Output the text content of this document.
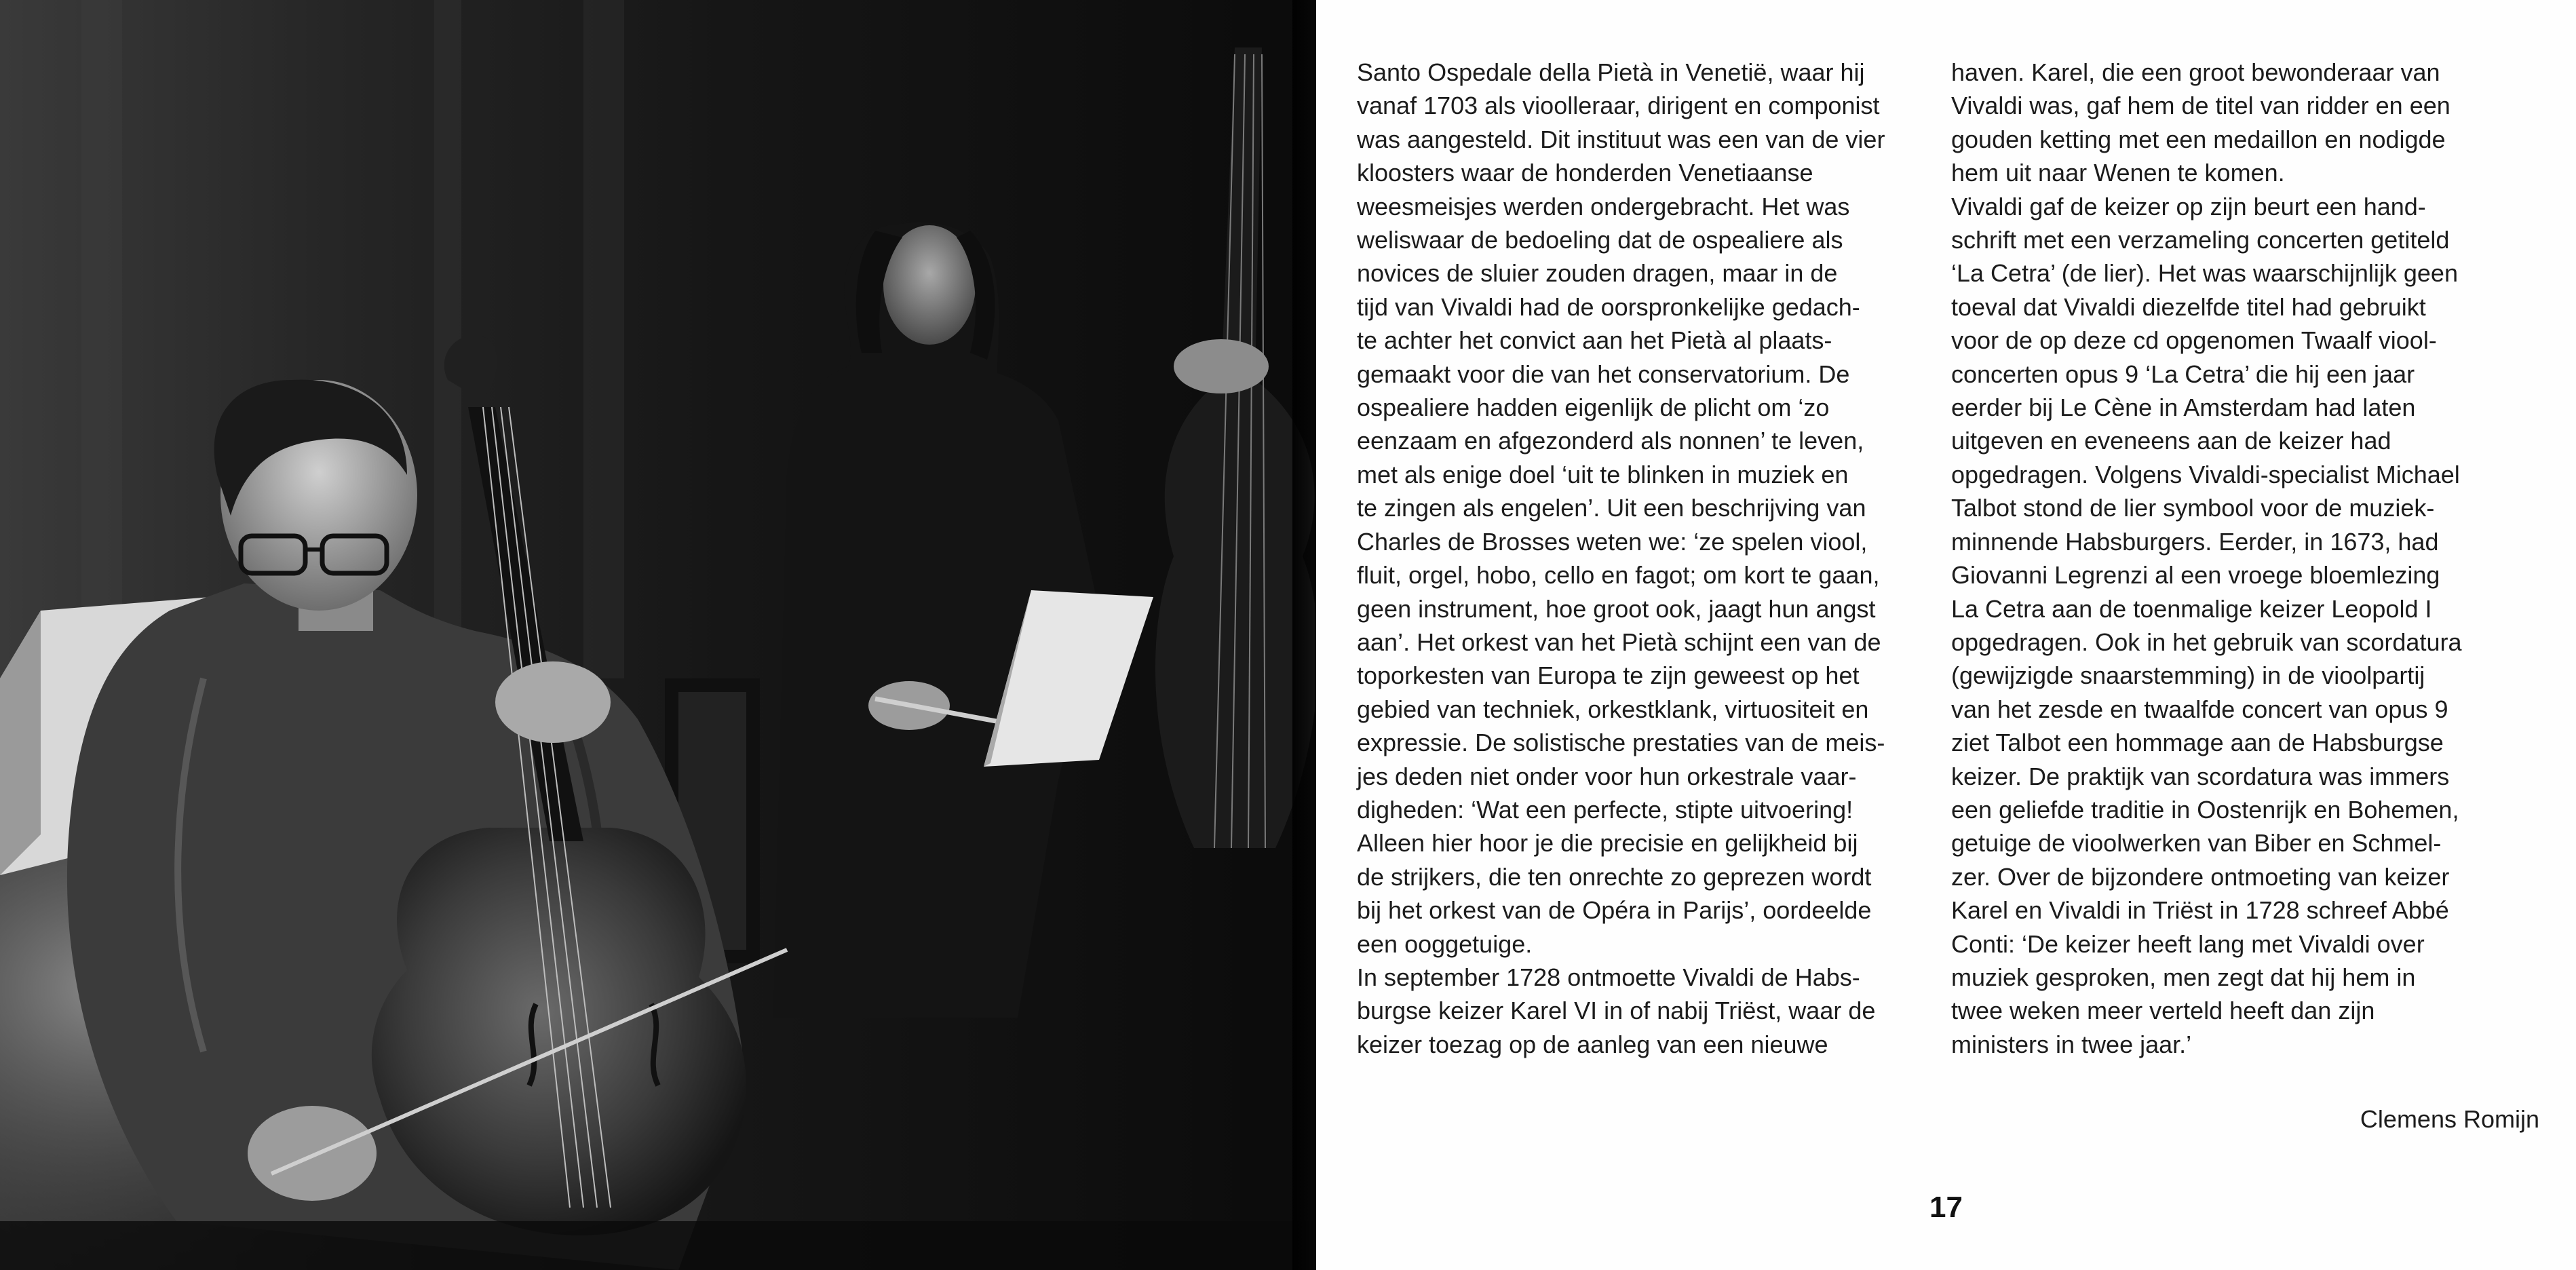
Santo Ospedale della Pietà in Venetië, waar hij
vanaf 1703 als vioolleraar, dirigent en componist
was aangesteld. Dit instituut was een van de vier
kloosters waar de honderden Venetiaanse
weesmeisjes werden ondergebracht. Het was
weliswaar de bedoeling dat de ospealiere als
novices de sluier zouden dragen, maar in de
tijd van Vivaldi had de oorspronkelijke gedach-
te achter het convict aan het Pietà al plaats-
gemaakt voor die van het conservatorium. De
ospealiere hadden eigenlijk de plicht om ‘zo
eenzaam en afgezonderd als nonnen’ te leven,
met als enige doel ‘uit te blinken in muziek en
te zingen als engelen’. Uit een beschrijving van
Charles de Brosses weten we: ‘ze spelen viool,
fluit, orgel, hobo, cello en fagot; om kort te gaan,
geen instrument, hoe groot ook, jaagt hun angst
aan’. Het orkest van het Pietà schijnt een van de
toporkesten van Europa te zijn geweest op het
gebied van techniek, orkestklank, virtuositeit en
expressie. De solistische prestaties van de meis-
jes deden niet onder voor hun orkestrale vaar-
digheden: ‘Wat een perfecte, stipte uitvoering!
Alleen hier hoor je die precisie en gelijkheid bij
de strijkers, die ten onrechte zo geprezen wordt
bij het orkest van de Opéra in Parijs’, oordeelde
een ooggetuige.

In september 1728 ontmoette Vivaldi de Habs-
burgse keizer Karel VI in of nabij Triëst, waar de
keizer toezag op de aanleg van een nieuwe

haven. Karel, die een groot bewonderaar van
Vivaldi was, gaf hem de titel van ridder en een
gouden ketting met een medaillon en nodigde
hem uit naar Wenen te komen.

Vivaldi gaf de keizer op zijn beurt een hand-
schrift met een verzameling concerten getiteld
‘La Cetra’ (de lier). Het was waarschijnlijk geen
toeval dat Vivaldi diezelfde titel had gebruikt
voor de op deze cd opgenomen Twaalf viool-
concerten opus 9 ‘La Cetra’ die hij een jaar
eerder bij Le Cène in Amsterdam had laten
uitgeven en eveneens aan de keizer had
opgedragen. Volgens Vivaldi-specialist Michael
Talbot stond de lier symbool voor de muziek-
minnende Habsburgers. Eerder, in 1673, had
Giovanni Legrenzi al een vroege bloemlezing
La Cetra aan de toenmalige keizer Leopold I
opgedragen. Ook in het gebruik van scordatura
(gewijzigde snaarstemming) in de vioolpartij
van het zesde en twaalfde concert van opus 9
ziet Talbot een hommage aan de Habsburgse
keizer. De praktijk van scordatura was immers
een geliefde traditie in Oostenrijk en Bohemen,
getuige de vioolwerken van Biber en Schmel-
zer. Over de bijzondere ontmoeting van keizer
Karel en Vivaldi in Triëst in 1728 schreef Abbé
Conti: ‘De keizer heeft lang met Vivaldi over
muziek gesproken, men zegt dat hij hem in
twee weken meer verteld heeft dan zijn
ministers in twee jaar.’

Clemens Romijn
17
